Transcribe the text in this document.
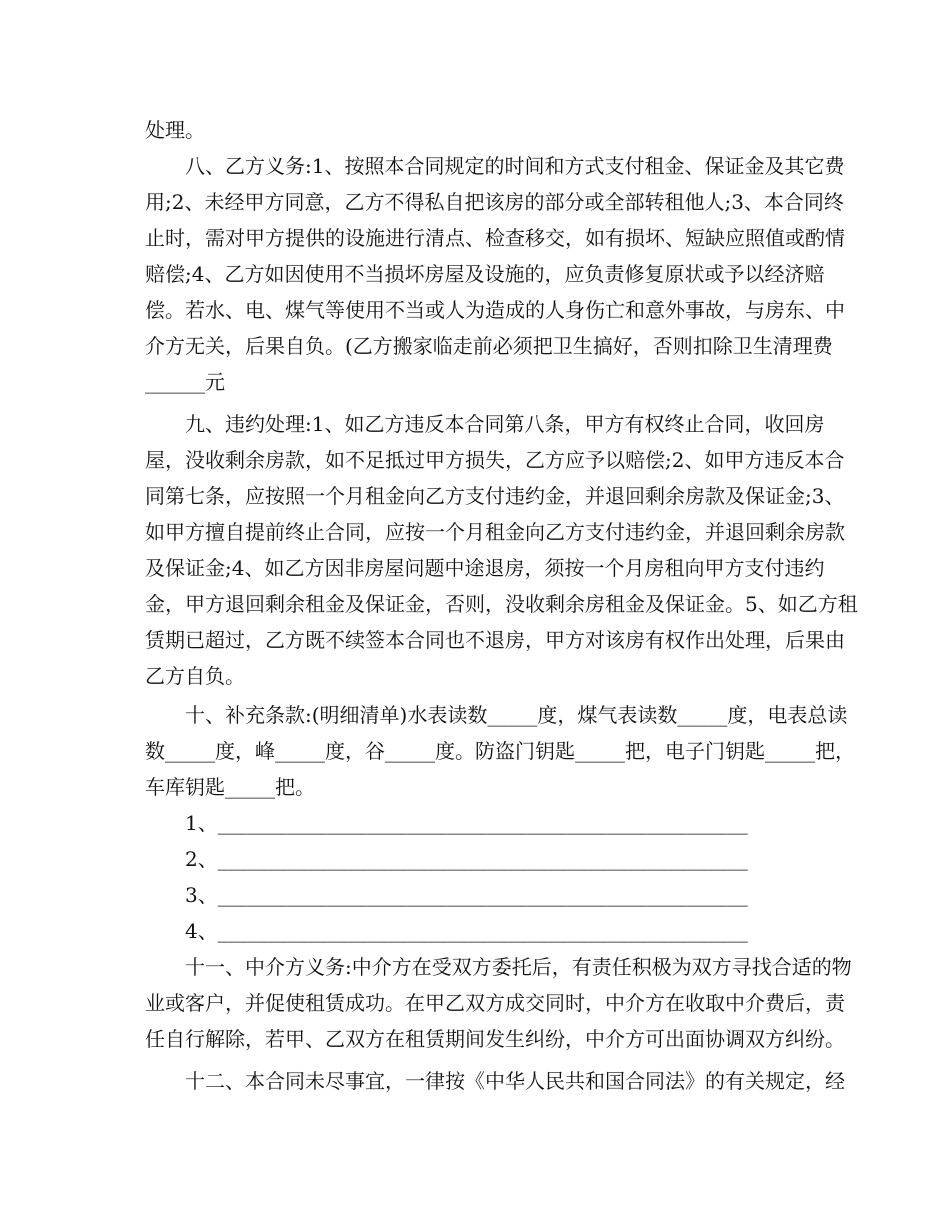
处理。
八、乙方义务:1、按照本合同规定的时间和方式支付租金、保证金及其它费
用;2、未经甲方同意，乙方不得私自把该房的部分或全部转租他人;3、本合同终
止时，需对甲方提供的设施进行清点、检查移交，如有损坏、短缺应照值或酌情
赔偿;4、乙方如因使用不当损坏房屋及设施的，应负责修复原状或予以经济赔
偿。若水、电、煤气等使用不当或人为造成的人身伤亡和意外事故，与房东、中
介方无关，后果自负。(乙方搬家临走前必须把卫生搞好，否则扣除卫生清理费
______元
九、违约处理:1、如乙方违反本合同第八条，甲方有权终止合同，收回房
屋，没收剩余房款，如不足抵过甲方损失，乙方应予以赔偿;2、如甲方违反本合
同第七条，应按照一个月租金向乙方支付违约金，并退回剩余房款及保证金;3、
如甲方擅自提前终止合同，应按一个月租金向乙方支付违约金，并退回剩余房款
及保证金;4、如乙方因非房屋问题中途退房，须按一个月房租向甲方支付违约
金，甲方退回剩余租金及保证金，否则，没收剩余房租金及保证金。5、如乙方租
赁期已超过，乙方既不续签本合同也不退房，甲方对该房有权作出处理，后果由
乙方自负。
十、补充条款:(明细清单)水表读数_____度，煤气表读数_____度，电表总读
数_____度，峰_____度，谷_____度。防盗门钥匙_____把，电子门钥匙_____把，
车库钥匙_____把。
1、_____________________________________________________
2、_____________________________________________________
3、_____________________________________________________
4、_____________________________________________________
十一、中介方义务:中介方在受双方委托后，有责任积极为双方寻找合适的物
业或客户，并促使租赁成功。在甲乙双方成交同时，中介方在收取中介费后，责
任自行解除，若甲、乙双方在租赁期间发生纠纷，中介方可出面协调双方纠纷。
十二、本合同未尽事宜，一律按《中华人民共和国合同法》的有关规定，经
